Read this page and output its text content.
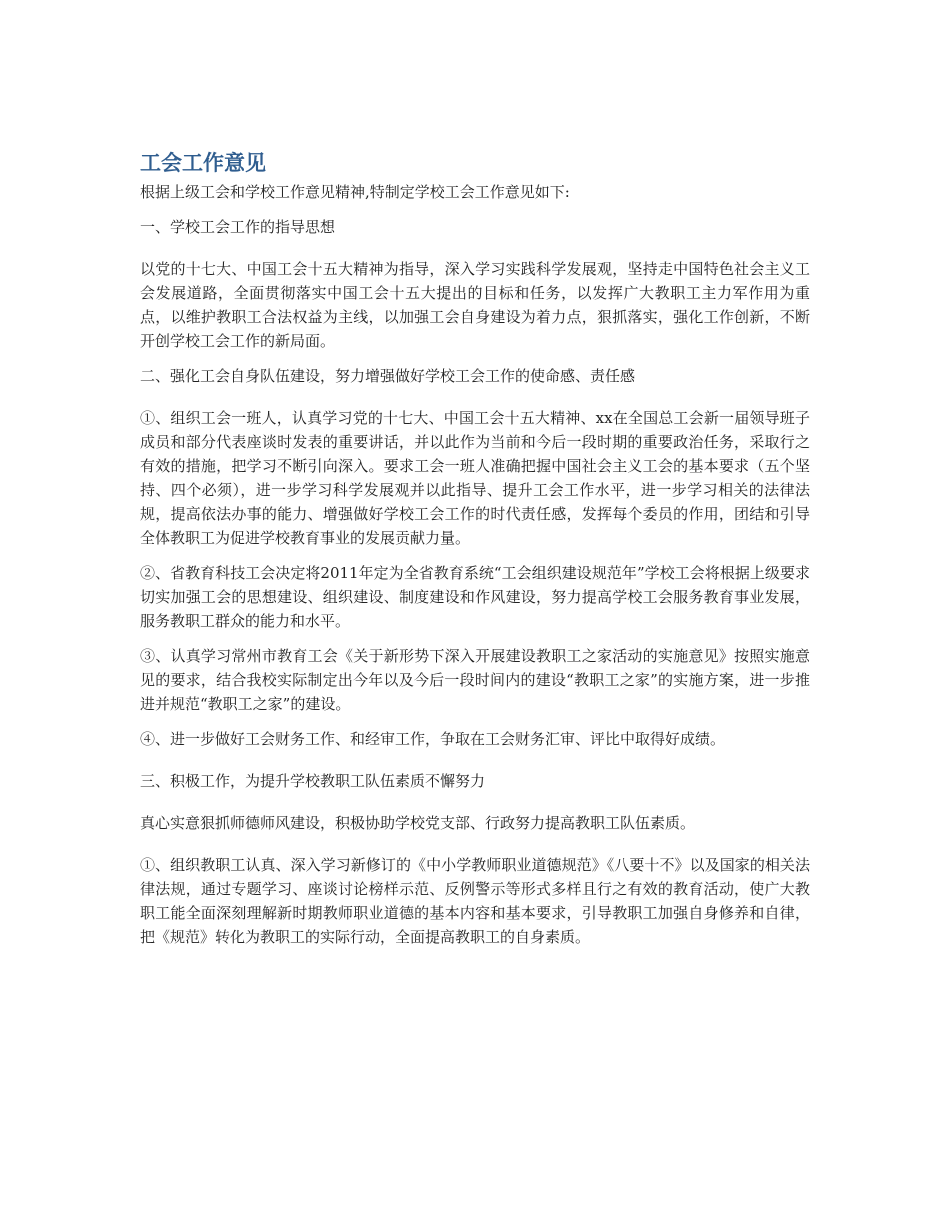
工会工作意见

根据上级工会和学校工作意见精神,特制定学校工会工作意见如下:

一、学校工会工作的指导思想

以党的十七大、中国工会十五大精神为指导，深入学习实践科学发展观，坚持走中国特色社会主义工会发展道路，全面贯彻落实中国工会十五大提出的目标和任务，以发挥广大教职工主力军作用为重点，以维护教职工合法权益为主线，以加强工会自身建设为着力点，狠抓落实，强化工作创新，不断开创学校工会工作的新局面。

二、强化工会自身队伍建设，努力增强做好学校工会工作的使命感、责任感

①、组织工会一班人，认真学习党的十七大、中国工会十五大精神、xx在全国总工会新一届领导班子成员和部分代表座谈时发表的重要讲话，并以此作为当前和今后一段时期的重要政治任务，采取行之有效的措施，把学习不断引向深入。要求工会一班人准确把握中国社会主义工会的基本要求（五个坚持、四个必须），进一步学习科学发展观并以此指导、提升工会工作水平，进一步学习相关的法律法规，提高依法办事的能力、增强做好学校工会工作的时代责任感，发挥每个委员的作用，团结和引导全体教职工为促进学校教育事业的发展贡献力量。

②、省教育科技工会决定将2011年定为全省教育系统“工会组织建设规范年”学校工会将根据上级要求切实加强工会的思想建设、组织建设、制度建设和作风建设，努力提高学校工会服务教育事业发展，服务教职工群众的能力和水平。

③、认真学习常州市教育工会《关于新形势下深入开展建设教职工之家活动的实施意见》按照实施意见的要求，结合我校实际制定出今年以及今后一段时间内的建设“教职工之家”的实施方案，进一步推进并规范“教职工之家”的建设。

④、进一步做好工会财务工作、和经审工作，争取在工会财务汇审、评比中取得好成绩。

三、积极工作，为提升学校教职工队伍素质不懈努力

真心实意狠抓师德师风建设，积极协助学校党支部、行政努力提高教职工队伍素质。

①、组织教职工认真、深入学习新修订的《中小学教师职业道德规范》《八要十不》以及国家的相关法律法规，通过专题学习、座谈讨论榜样示范、反例警示等形式多样且行之有效的教育活动，使广大教职工能全面深刻理解新时期教师职业道德的基本内容和基本要求，引导教职工加强自身修养和自律，把《规范》转化为教职工的实际行动，全面提高教职工的自身素质。
